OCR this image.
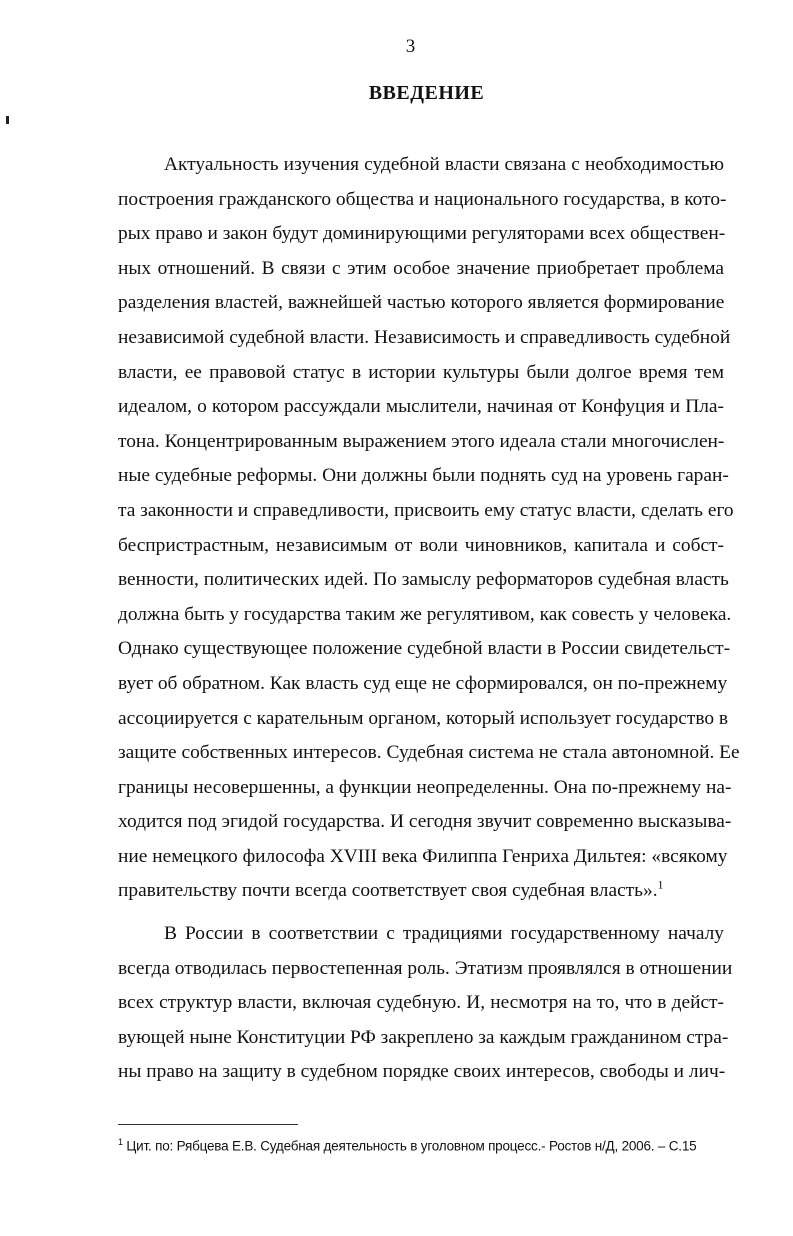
3
ВВЕДЕНИЕ
Актуальность изучения судебной власти связана с необходимостью
построения гражданского общества и национального государства, в кото-
рых право и закон будут доминирующими регуляторами всех обществен-
ных отношений. В связи с этим особое значение приобретает проблема
разделения властей, важнейшей частью которого является формирование
независимой судебной власти. Независимость и справедливость судебной
власти, ее правовой статус в истории культуры были долгое время тем
идеалом, о котором рассуждали мыслители, начиная от Конфуция и Пла-
тона. Концентрированным выражением этого идеала стали многочислен-
ные судебные реформы. Они должны были поднять суд на уровень гаран-
та законности и справедливости, присвоить ему статус власти, сделать его
беспристрастным, независимым от воли чиновников, капитала и собст-
венности, политических идей. По замыслу реформаторов судебная власть
должна быть у государства таким же регулятивом, как совесть у человека.
Однако существующее положение судебной власти в России свидетельст-
вует об обратном. Как власть суд еще не сформировался, он по-прежнему
ассоциируется с карательным органом, который использует государство в
защите собственных интересов. Судебная система не стала автономной. Ее
границы несовершенны, а функции неопределенны. Она по-прежнему на-
ходится под эгидой государства. И сегодня звучит современно высказыва-
ние немецкого философа XVIII века Филиппа Генриха Дильтея: «всякому
правительству почти всегда соответствует своя судебная власть».$^1$
В России в соответствии с традициями государственному началу
всегда отводилась первостепенная роль. Этатизм проявлялся в отношении
всех структур власти, включая судебную. И, несмотря на то, что в дейст-
вующей ныне Конституции РФ закреплено за каждым гражданином стра-
ны право на защиту в судебном порядке своих интересов, свободы и лич-
$^1$ Цит. по: Рябцева Е.В. Судебная деятельность в уголовном процесс.- Ростов н/Д, 2006. – С.15
